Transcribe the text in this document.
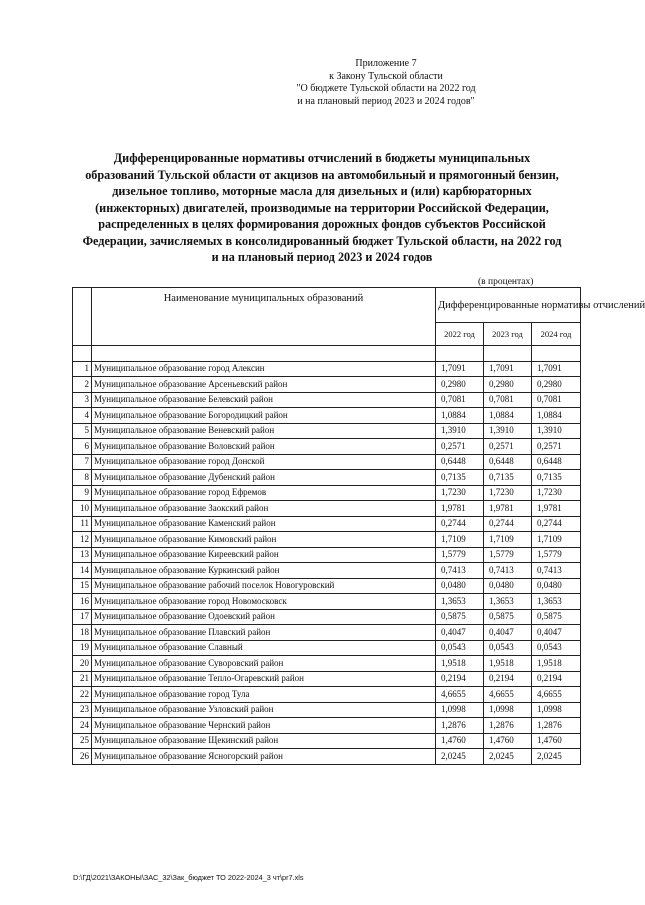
Приложение 7
к Закону Тульской области
"О бюджете Тульской области на 2022 год
и на плановый период 2023 и 2024 годов"
Дифференцированные нормативы отчислений в бюджеты муниципальных образований Тульской области от акцизов на автомобильный и прямогонный бензин, дизельное топливо, моторные масла для дизельных и (или) карбюраторных (инжекторных) двигателей, производимые на территории Российской Федерации, распределенных в целях формирования дорожных фондов субъектов Российской Федерации, зачисляемых в консолидированный бюджет Тульской области, на 2022 год и на плановый период 2023 и 2024 годов
(в процентах)
	Наименование муниципальных образований	Дифференцированные нормативы отчислений		
		2022 год	2023 год	2024 год

1	Муниципальное образование город Алексин	1,7091	1,7091	1,7091
2	Муниципальное образование Арсеньевский район	0,2980	0,2980	0,2980
3	Муниципальное образование Белевский район	0,7081	0,7081	0,7081
4	Муниципальное образование Богородицкий район	1,0884	1,0884	1,0884
5	Муниципальное образование Веневский район	1,3910	1,3910	1,3910
6	Муниципальное образование Воловский район	0,2571	0,2571	0,2571
7	Муниципальное образование город Донской	0,6448	0,6448	0,6448
8	Муниципальное образование Дубенский район	0,7135	0,7135	0,7135
9	Муниципальное образование город Ефремов	1,7230	1,7230	1,7230
10	Муниципальное образование Заокский район	1,9781	1,9781	1,9781
11	Муниципальное образование Каменский район	0,2744	0,2744	0,2744
12	Муниципальное образование Кимовский район	1,7109	1,7109	1,7109
13	Муниципальное образование Киреевский район	1,5779	1,5779	1,5779
14	Муниципальное образование Куркинский район	0,7413	0,7413	0,7413
15	Муниципальное образование рабочий поселок Новогуровский	0,0480	0,0480	0,0480
16	Муниципальное образование город Новомосковск	1,3653	1,3653	1,3653
17	Муниципальное образование Одоевский район	0,5875	0,5875	0,5875
18	Муниципальное образование Плавский район	0,4047	0,4047	0,4047
19	Муниципальное образование Славный	0,0543	0,0543	0,0543
20	Муниципальное образование Суворовский район	1,9518	1,9518	1,9518
21	Муниципальное образование Тепло-Огаревский район	0,2194	0,2194	0,2194
22	Муниципальное образование город Тула	4,6655	4,6655	4,6655
23	Муниципальное образование Узловский район	1,0998	1,0998	1,0998
24	Муниципальное образование Чернский район	1,2876	1,2876	1,2876
25	Муниципальное образование Щекинский район	1,4760	1,4760	1,4760
26	Муниципальное образование Ясногорский район	2,0245	2,0245	2,0245
D:\ГД\2021\ЗАКОНЫ\ЗАС_32\Зак_бюджет ТО 2022-2024_3 чт\pr7.xls
